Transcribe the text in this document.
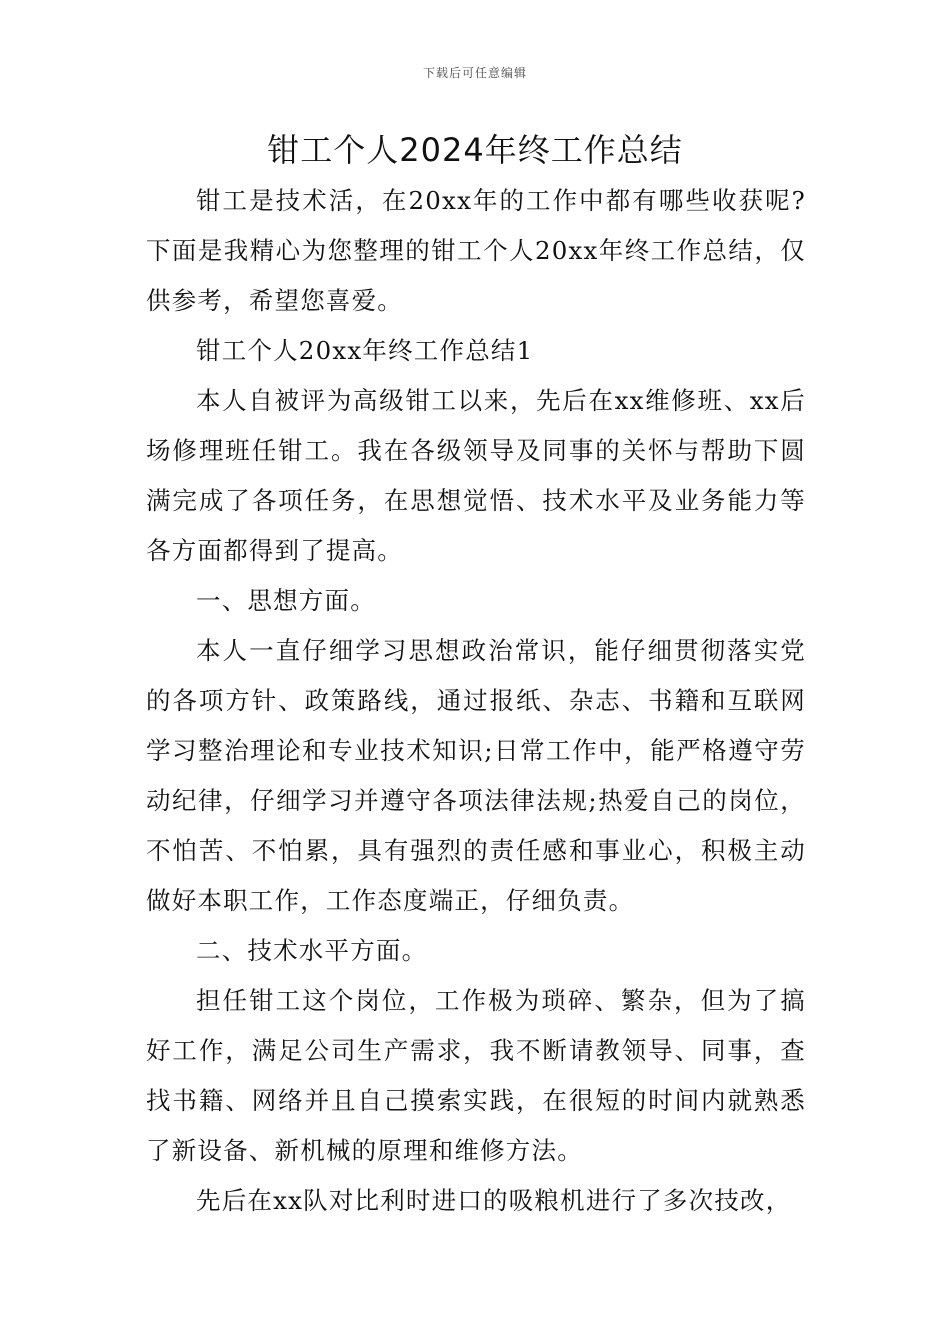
下载后可任意编辑
钳工个人2024年终工作总结

钳工是技术活，在20xx年的工作中都有哪些收获呢?下面是我精心为您整理的钳工个人20xx年终工作总结，仅供参考，希望您喜爱。

钳工个人20xx年终工作总结1

本人自被评为高级钳工以来，先后在xx维修班、xx后场修理班任钳工。我在各级领导及同事的关怀与帮助下圆满完成了各项任务，在思想觉悟、技术水平及业务能力等各方面都得到了提高。

一、思想方面。

本人一直仔细学习思想政治常识，能仔细贯彻落实党的各项方针、政策路线，通过报纸、杂志、书籍和互联网学习整治理论和专业技术知识;日常工作中，能严格遵守劳动纪律，仔细学习并遵守各项法律法规;热爱自己的岗位，不怕苦、不怕累，具有强烈的责任感和事业心，积极主动做好本职工作，工作态度端正，仔细负责。

二、技术水平方面。

担任钳工这个岗位，工作极为琐碎、繁杂，但为了搞好工作，满足公司生产需求，我不断请教领导、同事，查找书籍、网络并且自己摸索实践，在很短的时间内就熟悉了新设备、新机械的原理和维修方法。

先后在xx队对比利时进口的吸粮机进行了多次技改，
